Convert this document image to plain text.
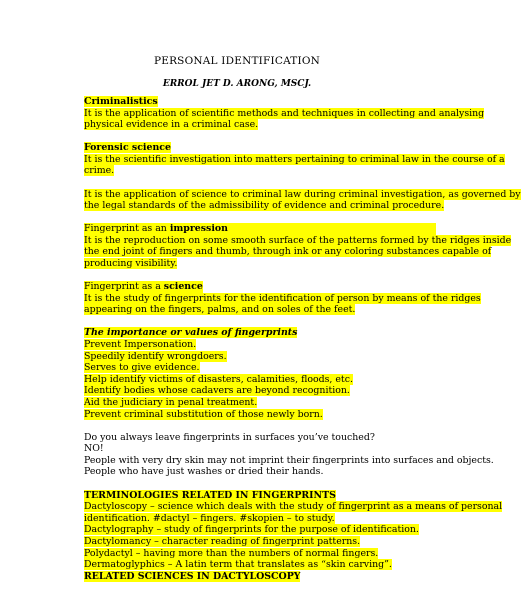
PERSONAL IDENTIFICATION
ERROL JET D. ARONG, MSCJ.
Criminalistics
It is the application of scientific methods and techniques in collecting and analysing
physical evidence in a criminal case.
Forensic science
It is the scientific investigation into matters pertaining to criminal law in the course of a
crime.
It is the application of science to criminal law during criminal investigation, as governed by
the legal standards of the admissibility of evidence and criminal procedure.
Fingerprint as an impression
It is the reproduction on some smooth surface of the patterns formed by the ridges inside
the end joint of fingers and thumb, through ink or any coloring substances capable of
producing visibility.
Fingerprint as a science
It is the study of fingerprints for the identification of person by means of the ridges
appearing on the fingers, palms, and on soles of the feet.
The importance or values of fingerprints
Prevent Impersonation.
Speedily identify wrongdoers.
Serves to give evidence.
Help identify victims of disasters, calamities, floods, etc.
Identify bodies whose cadavers are beyond recognition.
Aid the judiciary in penal treatment.
Prevent criminal substitution of those newly born.
Do you always leave fingerprints in surfaces you’ve touched?
NO!
People with very dry skin may not imprint their fingerprints into surfaces and objects.
People who have just washes or dried their hands.
TERMINOLOGIES RELATED IN FINGERPRINTS
Dactyloscopy – science which deals with the study of fingerprint as a means of personal
identification. #dactyl – fingers. #skopien – to study.
Dactylography – study of fingerprints for the purpose of identification.
Dactylomancy – character reading of fingerprint patterns.
Polydactyl – having more than the numbers of normal fingers.
Dermatoglyphics – A latin term that translates as “skin carving”.
RELATED SCIENCES IN DACTYLOSCOPY
